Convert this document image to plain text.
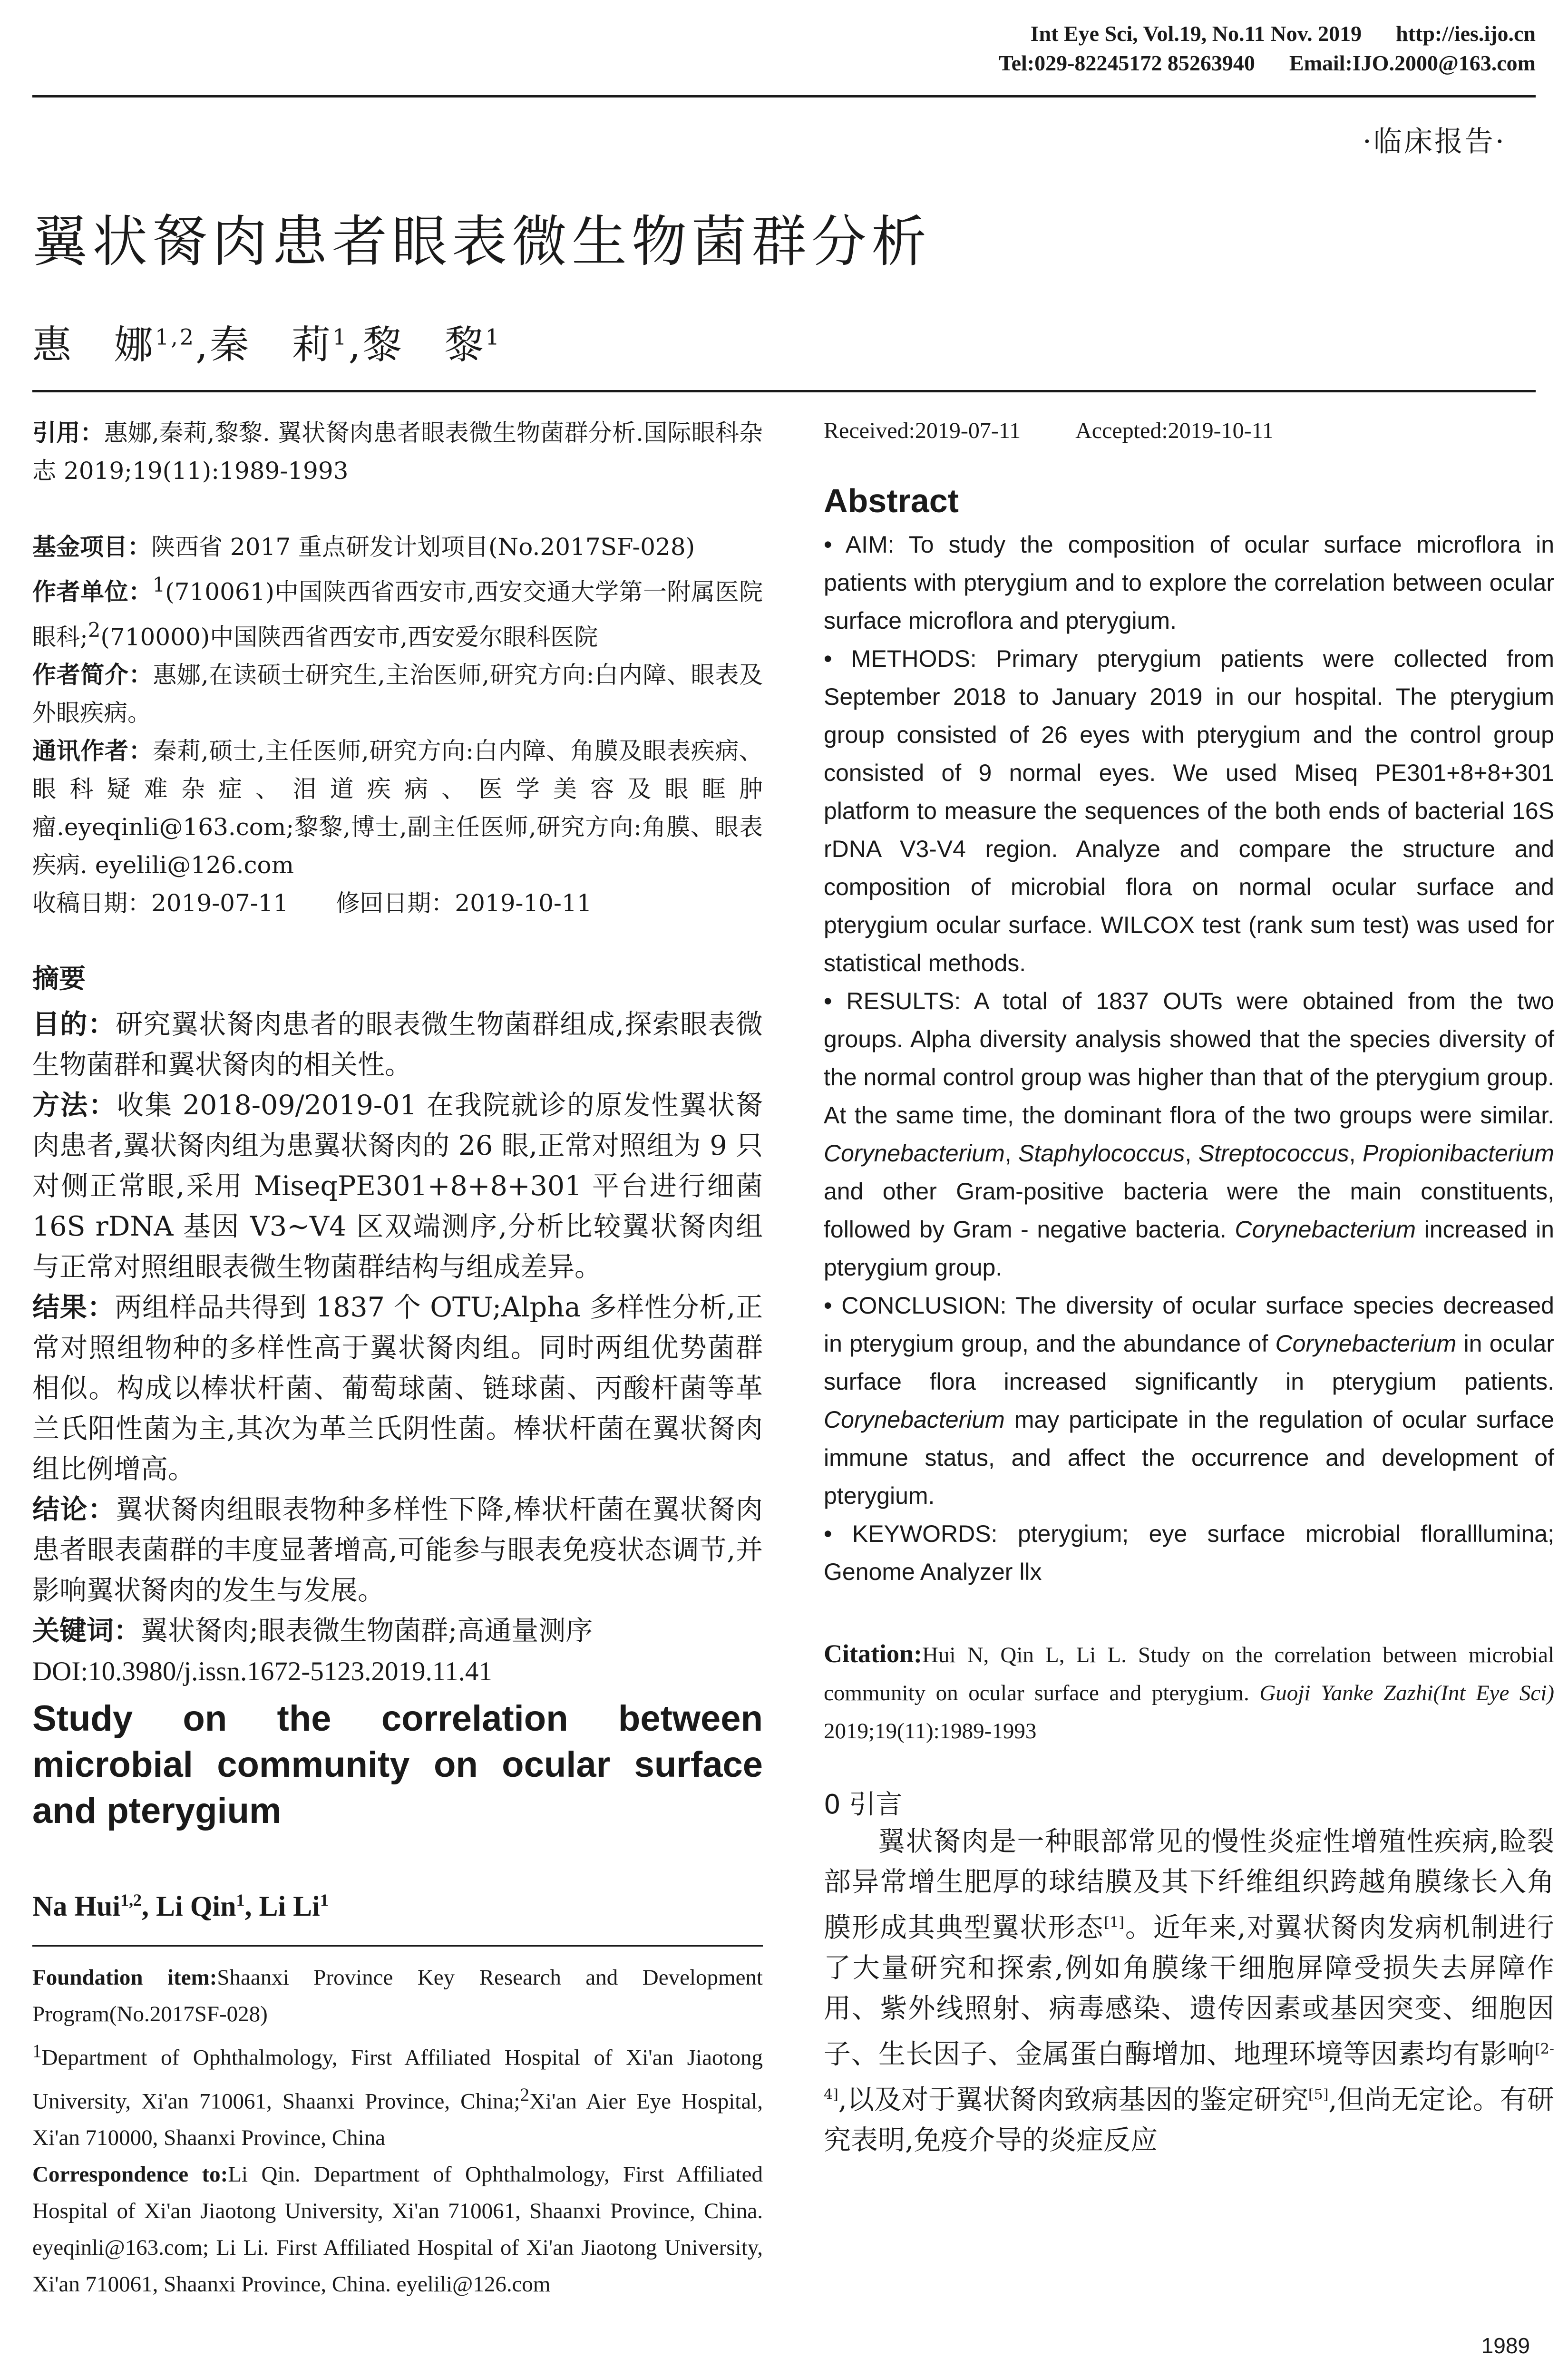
Int Eye Sci, Vol.19, No.11 Nov. 2019 http://ies.ijo.cn
Tel:029-82245172 85263940 Email:IJO.2000@163.com
·临床报告·
翼状胬肉患者眼表微生物菌群分析
惠　娜$^{1,2}$,秦　莉$^1$,黎　黎$^1$

引用：惠娜,秦莉,黎黎. 翼状胬肉患者眼表微生物菌群分析.国际眼科杂志 2019;19(11):1989-1993

基金项目：陕西省 2017 重点研发计划项目(No.2017SF-028)

作者单位：$^1$(710061)中国陕西省西安市,西安交通大学第一附属医院眼科;$^2$(710000)中国陕西省西安市,西安爱尔眼科医院

作者简介：惠娜,在读硕士研究生,主治医师,研究方向:白内障、眼表及外眼疾病。

通讯作者：秦莉,硕士,主任医师,研究方向:白内障、角膜及眼表疾病、眼科疑难杂症、泪道疾病、医学美容及眼眶肿瘤.eyeqinli@163.com;黎黎,博士,副主任医师,研究方向:角膜、眼表疾病. eyelili@126.com

收稿日期：2019-07-11　　修回日期：2019-10-11

摘要

目的：研究翼状胬肉患者的眼表微生物菌群组成,探索眼表微生物菌群和翼状胬肉的相关性。

方法：收集 2018-09/2019-01 在我院就诊的原发性翼状胬肉患者,翼状胬肉组为患翼状胬肉的 26 眼,正常对照组为 9 只对侧正常眼,采用 MiseqPE301+8+8+301 平台进行细菌 16S rDNA 基因 V3~V4 区双端测序,分析比较翼状胬肉组与正常对照组眼表微生物菌群结构与组成差异。

结果：两组样品共得到 1837 个 OTU;Alpha 多样性分析,正常对照组物种的多样性高于翼状胬肉组。同时两组优势菌群相似。构成以棒状杆菌、葡萄球菌、链球菌、丙酸杆菌等革兰氏阳性菌为主,其次为革兰氏阴性菌。棒状杆菌在翼状胬肉组比例增高。

结论：翼状胬肉组眼表物种多样性下降,棒状杆菌在翼状胬肉患者眼表菌群的丰度显著增高,可能参与眼表免疫状态调节,并影响翼状胬肉的发生与发展。

关键词：翼状胬肉;眼表微生物菌群;高通量测序

DOI:10.3980/j.issn.1672-5123.2019.11.41

Study on the correlation between
microbial community on ocular surface
and pterygium
Na Hui$^{1,2}$, Li Qin$^1$, Li Li$^1$

Foundation item:Shaanxi Province Key Research and Development Program(No.2017SF-028)

$^1$Department of Ophthalmology, First Affiliated Hospital of Xi'an Jiaotong University, Xi'an 710061, Shaanxi Province, China;$^2$Xi'an Aier Eye Hospital, Xi'an 710000, Shaanxi Province, China

Correspondence to:Li Qin. Department of Ophthalmology, First Affiliated Hospital of Xi'an Jiaotong University, Xi'an 710061, Shaanxi Province, China. eyeqinli@163.com; Li Li. First Affiliated Hospital of Xi'an Jiaotong University, Xi'an 710061, Shaanxi Province, China. eyelili@126.com

Received:2019-07-11 Accepted:2019-10-11
Abstract

• AIM: To study the composition of ocular surface microflora in patients with pterygium and to explore the correlation between ocular surface microflora and pterygium.

• METHODS: Primary pterygium patients were collected from September 2018 to January 2019 in our hospital. The pterygium group consisted of 26 eyes with pterygium and the control group consisted of 9 normal eyes. We used Miseq PE301+8+8+301 platform to measure the sequences of the both ends of bacterial 16S rDNA V3-V4 region. Analyze and compare the structure and composition of microbial flora on normal ocular surface and pterygium ocular surface. WILCOX test (rank sum test) was used for statistical methods.

• RESULTS: A total of 1837 OUTs were obtained from the two groups. Alpha diversity analysis showed that the species diversity of the normal control group was higher than that of the pterygium group. At the same time, the dominant flora of the two groups were similar. Corynebacterium, Staphylococcus, Streptococcus, Propionibacterium and other Gram-positive bacteria were the main constituents, followed by Gram - negative bacteria. Corynebacterium increased in pterygium group.

• CONCLUSION: The diversity of ocular surface species decreased in pterygium group, and the abundance of Corynebacterium in ocular surface flora increased significantly in pterygium patients. Corynebacterium may participate in the regulation of ocular surface immune status, and affect the occurrence and development of pterygium.

• KEYWORDS: pterygium; eye surface microbial floralllumina; Genome Analyzer llx

Citation:Hui N, Qin L, Li L. Study on the correlation between microbial community on ocular surface and pterygium. Guoji Yanke Zazhi(Int Eye Sci) 2019;19(11):1989-1993

0 引言

翼状胬肉是一种眼部常见的慢性炎症性增殖性疾病,睑裂部异常增生肥厚的球结膜及其下纤维组织跨越角膜缘长入角膜形成其典型翼状形态[1]。近年来,对翼状胬肉发病机制进行了大量研究和探索,例如角膜缘干细胞屏障受损失去屏障作用、紫外线照射、病毒感染、遗传因素或基因突变、细胞因子、生长因子、金属蛋白酶增加、地理环境等因素均有影响[2-4],以及对于翼状胬肉致病基因的鉴定研究[5],但尚无定论。有研究表明,免疫介导的炎症反应

1989
